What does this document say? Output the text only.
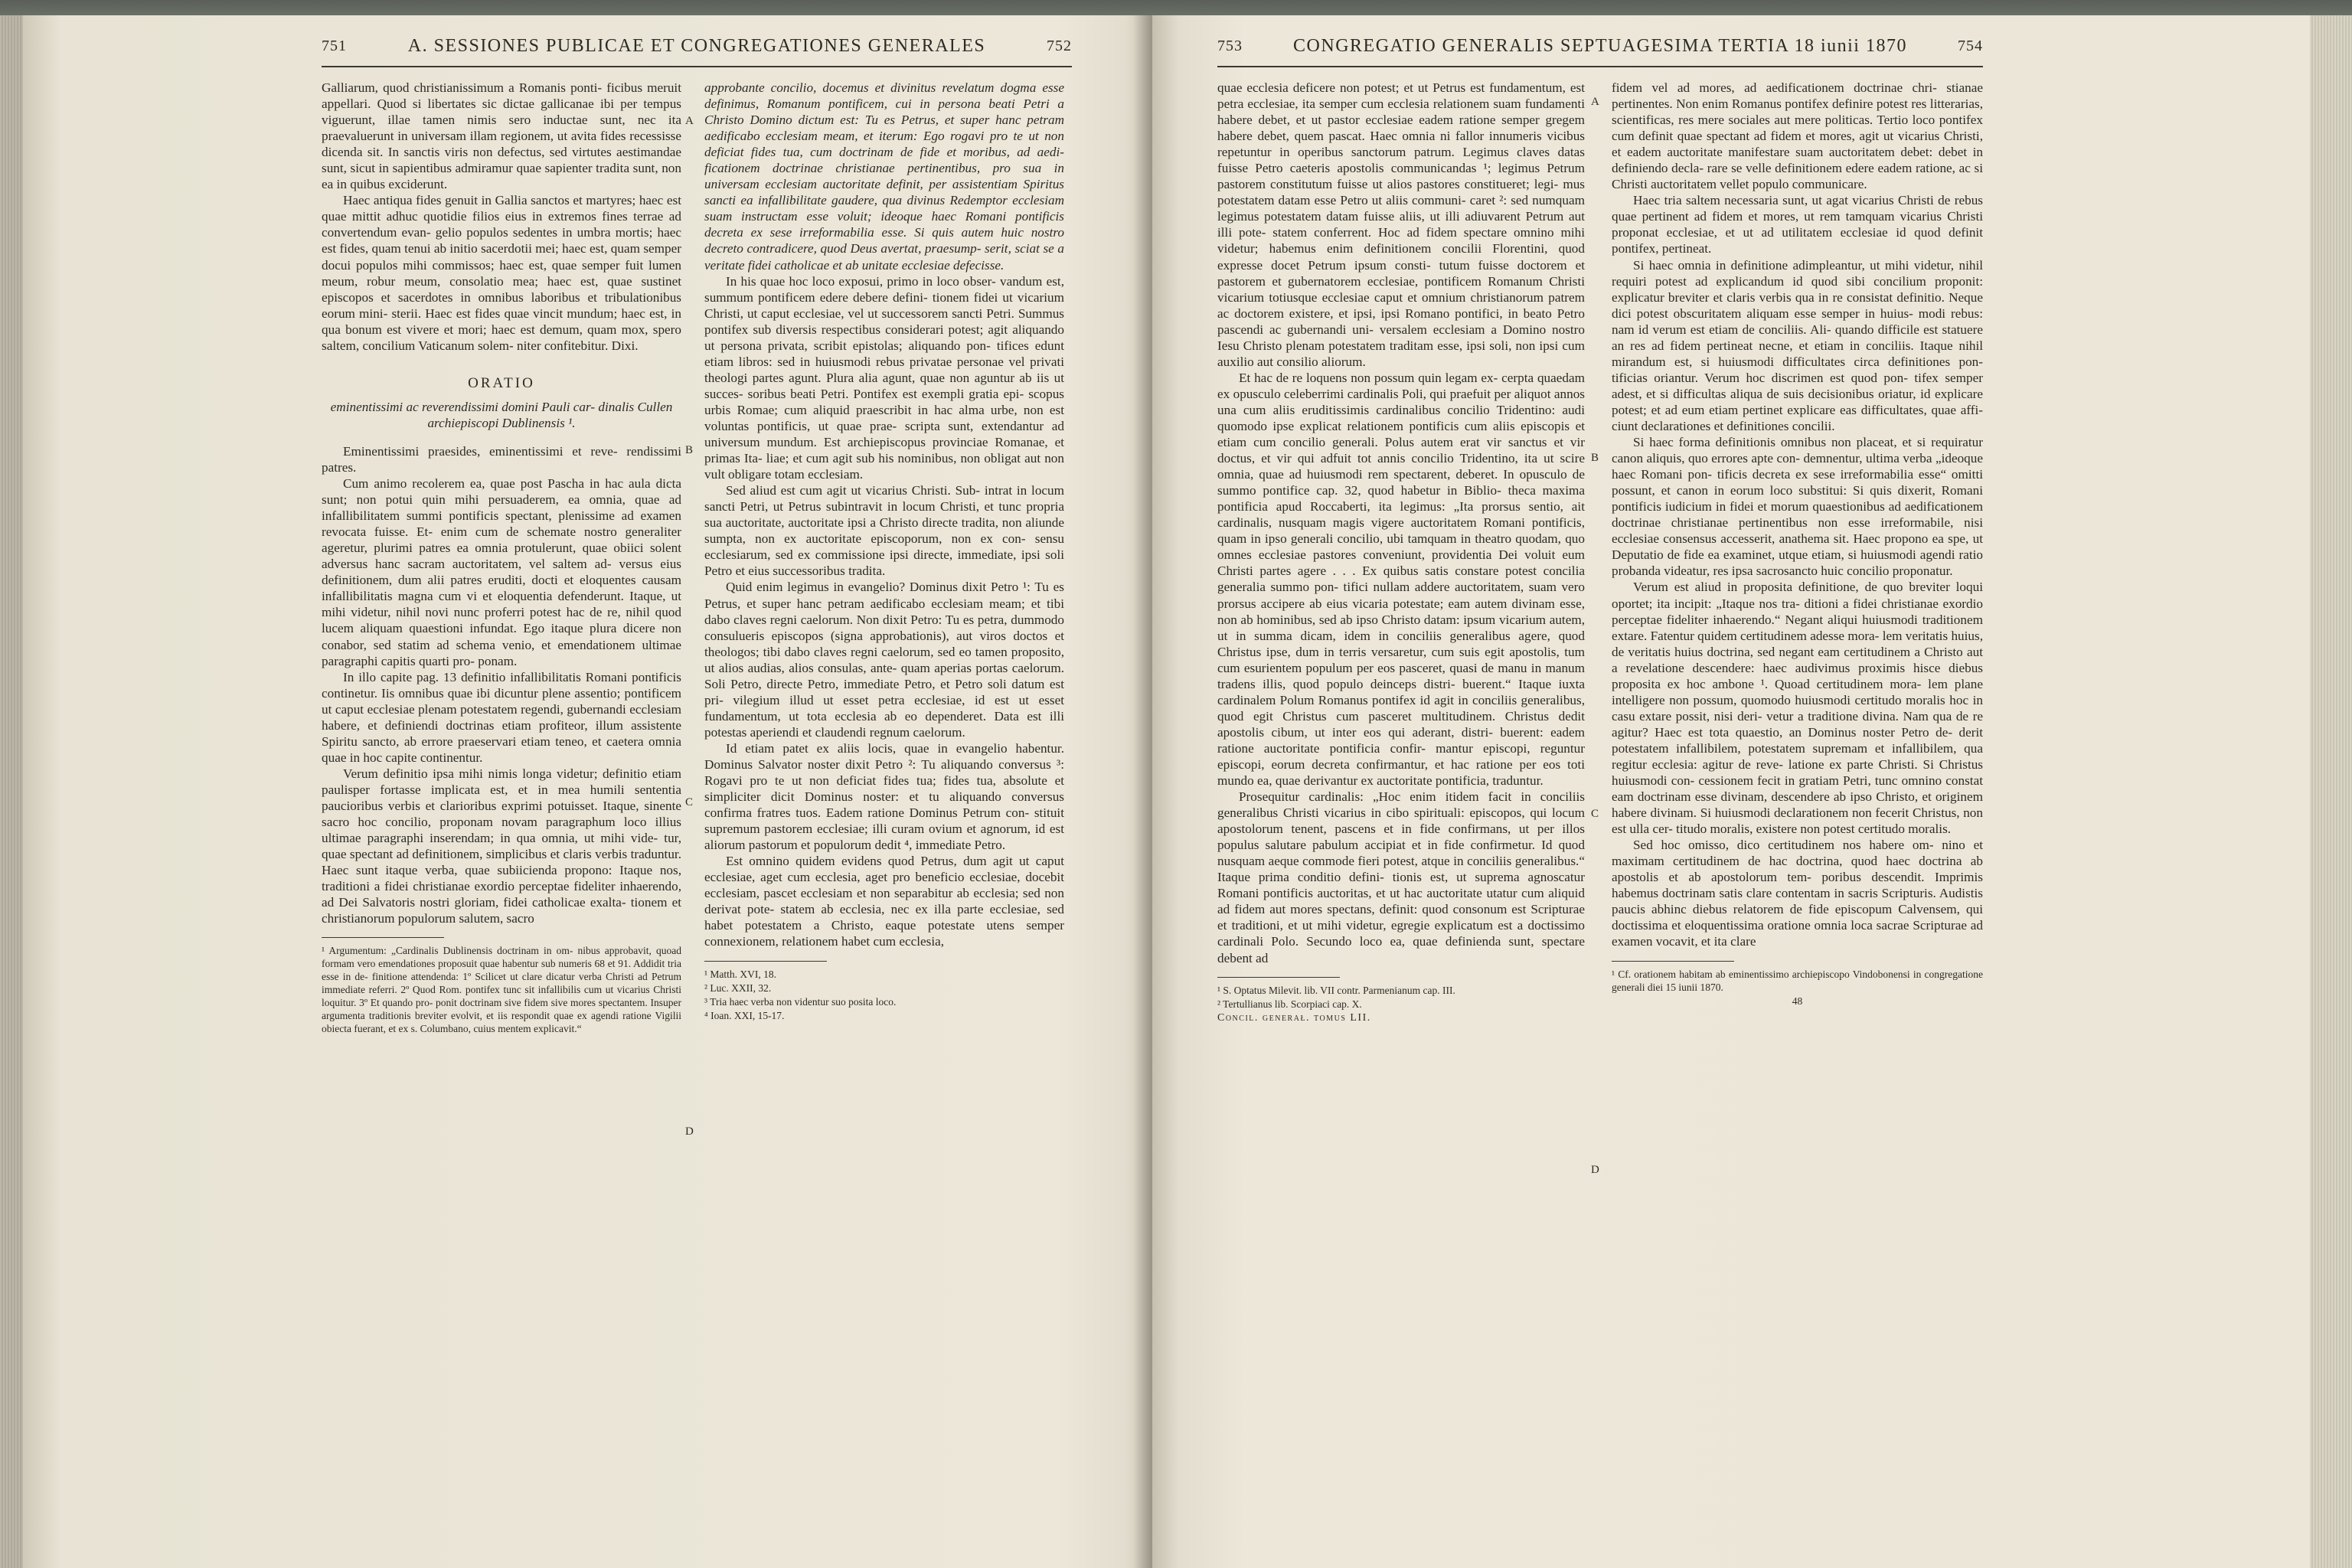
751	A. SESSIONES PUBLICAE ET CONGREGATIONES GENERALES	752

Galliarum, quod christianissimum a Romanis ponti- ficibus meruit appellari. Quod si libertates sic dictae gallicanae ibi per tempus viguerunt, illae tamen nimis sero inductae sunt, nec ita praevaluerunt in universam illam regionem, ut avita fides recessisse dicenda sit. In sanctis viris non defectus, sed virtutes aestimandae sunt, sicut in sapientibus admiramur quae sapienter tradita sunt, non ea in quibus exciderunt.

Haec antiqua fides genuit in Gallia sanctos et martyres; haec est quae mittit adhuc quotidie filios eius in extremos fines terrae ad convertendum evan- gelio populos sedentes in umbra mortis; haec est fides, quam tenui ab initio sacerdotii mei; haec est, quam semper docui populos mihi commissos; haec est, quae semper fuit lumen meum, robur meum, consolatio mea; haec est, quae sustinet episcopos et sacerdotes in omnibus laboribus et tribulationibus eorum mini- sterii. Haec est fides quae vincit mundum; haec est, in qua bonum est vivere et mori; haec est demum, quam mox, spero saltem, concilium Vaticanum solem- niter confitebitur. Dixi.

ORATIO

eminentissimi ac reverendissimi domini Pauli car- dinalis Cullen archiepiscopi Dublinensis ¹.

Eminentissimi praesides, eminentissimi et reve- rendissimi patres.

Cum animo recolerem ea, quae post Pascha in hac aula dicta sunt; non potui quin mihi persuaderem, ea omnia, quae ad infallibilitatem summi pontificis spectant, plenissime ad examen revocata fuisse. Et- enim cum de schemate nostro generaliter ageretur, plurimi patres ea omnia protulerunt, quae obiici solent adversus hanc sacram auctoritatem, vel saltem ad- versus eius definitionem, dum alii patres eruditi, docti et eloquentes causam infallibilitatis magna cum vi et eloquentia defenderunt. Itaque, ut mihi videtur, nihil novi nunc proferri potest hac de re, nihil quod lucem aliquam quaestioni infundat. Ego itaque plura dicere non conabor, sed statim ad schema venio, et emendationem ultimae paragraphi capitis quarti pro- ponam.

In illo capite pag. 13 definitio infallibilitatis Romani pontificis continetur. Iis omnibus quae ibi dicuntur plene assentio; pontificem ut caput ecclesiae plenam potestatem regendi, gubernandi ecclesiam habere, et definiendi doctrinas etiam profiteor, illum assistente Spiritu sancto, ab errore praeservari etiam teneo, et caetera omnia quae in hoc capite continentur.

Verum definitio ipsa mihi nimis longa videtur; definitio etiam paulisper fortasse implicata est, et in mea humili sententia paucioribus verbis et clarioribus exprimi potuisset. Itaque, sinente sacro hoc concilio, proponam novam paragraphum loco illius ultimae paragraphi inserendam; in qua omnia, ut mihi vide- tur, quae spectant ad definitionem, simplicibus et claris verbis traduntur. Haec sunt itaque verba, quae subiicienda propono: Itaque nos, traditioni a fidei christianae exordio perceptae fideliter inhaerendo, ad Dei Salvatoris nostri gloriam, fidei catholicae exalta- tionem et christianorum populorum salutem, sacro

¹ Argumentum: „Cardinalis Dublinensis doctrinam in om- nibus approbavit, quoad formam vero emendationes proposuit quae habentur sub numeris 68 et 91. Addidit tria esse in de- finitione attendenda: 1º Scilicet ut clare dicatur verba Christi ad Petrum immediate referri. 2º Quod Rom. pontifex tunc sit infallibilis cum ut vicarius Christi loquitur. 3º Et quando pro- ponit doctrinam sive fidem sive mores spectantem. Insuper argumenta traditionis breviter evolvit, et iis respondit quae ex agendi ratione Vigilii obiecta fuerant, et ex s. Columbano, cuius mentem explicavit.“

approbante concilio, docemus et divinitus revelatum dogma esse definimus, Romanum pontificem, cui in persona beati Petri a Christo Domino dictum est: Tu es Petrus, et super hanc petram aedificabo ecclesiam meam, et iterum: Ego rogavi pro te ut non deficiat fides tua, cum doctrinam de fide et moribus, ad aedi- ficationem doctrinae christianae pertinentibus, pro sua in universam ecclesiam auctoritate definit, per assistentiam Spiritus sancti ea infallibilitate gaudere, qua divinus Redemptor ecclesiam suam instructam esse voluit; ideoque haec Romani pontificis decreta ex sese irreformabilia esse. Si quis autem huic nostro decreto contradicere, quod Deus avertat, praesump- serit, sciat se a veritate fidei catholicae et ab unitate ecclesiae defecisse.

In his quae hoc loco exposui, primo in loco obser- vandum est, summum pontificem edere debere defini- tionem fidei ut vicarium Christi, ut caput ecclesiae, vel ut successorem sancti Petri. Summus pontifex sub diversis respectibus considerari potest; agit aliquando ut persona privata, scribit epistolas; aliquando pon- tifices edunt etiam libros: sed in huiusmodi rebus privatae personae vel privati theologi partes agunt. Plura alia agunt, quae non aguntur ab iis ut succes- soribus beati Petri. Pontifex est exempli gratia epi- scopus urbis Romae; cum aliquid praescribit in hac alma urbe, non est voluntas pontificis, ut quae prae- scripta sunt, extendantur ad universum mundum. Est archiepiscopus provinciae Romanae, et primas Ita- liae; et cum agit sub his nominibus, non obligat aut non vult obligare totam ecclesiam.

Sed aliud est cum agit ut vicarius Christi. Sub- intrat in locum sancti Petri, ut Petrus subintravit in locum Christi, et tunc propria sua auctoritate, auctoritate ipsi a Christo directe tradita, non aliunde sumpta, non ex auctoritate episcoporum, non ex con- sensu ecclesiarum, sed ex commissione ipsi directe, immediate, ipsi soli Petro et eius successoribus tradita.

Quid enim legimus in evangelio? Dominus dixit Petro ¹: Tu es Petrus, et super hanc petram aedificabo ecclesiam meam; et tibi dabo claves regni caelorum. Non dixit Petro: Tu es petra, dummodo consulueris episcopos (signa approbationis), aut viros doctos et theologos; tibi dabo claves regni caelorum, sed eo tamen proposito, ut alios audias, alios consulas, ante- quam aperias portas caelorum. Soli Petro, directe Petro, immediate Petro, et Petro soli datum est pri- vilegium illud ut esset petra ecclesiae, id est ut esset fundamentum, ut tota ecclesia ab eo dependeret. Data est illi potestas aperiendi et claudendi regnum caelorum.

Id etiam patet ex aliis locis, quae in evangelio habentur. Dominus Salvator noster dixit Petro ²: Tu aliquando conversus ³: Rogavi pro te ut non deficiat fides tua; fides tua, absolute et simpliciter dicit Dominus noster: et tu aliquando conversus confirma fratres tuos. Eadem ratione Dominus Petrum con- stituit supremum pastorem ecclesiae; illi curam ovium et agnorum, id est aliorum pastorum et populorum dedit ⁴, immediate Petro.

Est omnino quidem evidens quod Petrus, dum agit ut caput ecclesiae, aget cum ecclesia, aget pro beneficio ecclesiae, docebit ecclesiam, pascet ecclesiam et non separabitur ab ecclesia; sed non derivat pote- statem ab ecclesia, nec ex illa parte ecclesiae, sed habet potestatem a Christo, eaque potestate utens semper connexionem, relationem habet cum ecclesia,

¹ Matth. XVI, 18.

² Luc. XXII, 32.

³ Tria haec verba non videntur suo posita loco.

⁴ Ioan. XXI, 15-17.

A
B
C
D
753	CONGREGATIO GENERALIS SEPTUAGESIMA TERTIA 18 iunii 1870	754

quae ecclesia deficere non potest; et ut Petrus est fundamentum, est petra ecclesiae, ita semper cum ecclesia relationem suam fundamenti habere debet, et ut pastor ecclesiae eadem ratione semper gregem habere debet, quem pascat. Haec omnia ni fallor innumeris vicibus repetuntur in operibus sanctorum patrum. Legimus claves datas fuisse Petro caeteris apostolis communicandas ¹; legimus Petrum pastorem constitutum fuisse ut alios pastores constitueret; legi- mus potestatem datam esse Petro ut aliis communi- caret ²: sed numquam legimus potestatem datam fuisse aliis, ut illi adiuvarent Petrum aut illi pote- statem conferrent. Hoc ad fidem spectare omnino mihi videtur; habemus enim definitionem concilii Florentini, quod expresse docet Petrum ipsum consti- tutum fuisse doctorem et pastorem et gubernatorem ecclesiae, pontificem Romanum Christi vicarium totiusque ecclesiae caput et omnium christianorum patrem ac doctorem existere, et ipsi, ipsi Romano pontifici, in beato Petro pascendi ac gubernandi uni- versalem ecclesiam a Domino nostro Iesu Christo plenam potestatem traditam esse, ipsi soli, non ipsi cum auxilio aut consilio aliorum.

Et hac de re loquens non possum quin legam ex- cerpta quaedam ex opusculo celeberrimi cardinalis Poli, qui praefuit per aliquot annos una cum aliis eruditissimis cardinalibus concilio Tridentino: audi quomodo ipse explicat relationem pontificis cum aliis episcopis et etiam cum concilio generali. Polus autem erat vir sanctus et vir doctus, et vir qui adfuit tot annis concilio Tridentino, ita ut scire omnia, quae ad huiusmodi rem spectarent, deberet. In opusculo de summo pontifice cap. 32, quod habetur in Biblio- theca maxima pontificia apud Roccaberti, ita legimus: „Ita prorsus sentio, ait cardinalis, nusquam magis vigere auctoritatem Romani pontificis, quam in ipso generali concilio, ubi tamquam in theatro quodam, quo omnes ecclesiae pastores conveniunt, providentia Dei voluit eum Christi partes agere . . . Ex quibus satis constare potest concilia generalia summo pon- tifici nullam addere auctoritatem, suam vero prorsus accipere ab eius vicaria potestate; eam autem divinam esse, non ab hominibus, sed ab ipso Christo datam: ipsum vicarium autem, ut in summa dicam, idem in conciliis generalibus agere, quod Christus ipse, dum in terris versaretur, cum suis egit apostolis, tum cum esurientem populum per eos pasceret, quasi de manu in manum tradens illis, quod populo deinceps distri- buerent.“ Itaque iuxta cardinalem Polum Romanus pontifex id agit in conciliis generalibus, quod egit Christus cum pasceret multitudinem. Christus dedit apostolis cibum, ut inter eos qui aderant, distri- buerent: eadem ratione auctoritate pontificia confir- mantur episcopi, reguntur episcopi, eorum decreta confirmantur, et hac ratione per eos toti mundo ea, quae derivantur ex auctoritate pontificia, traduntur.

Prosequitur cardinalis: „Hoc enim itidem facit in conciliis generalibus Christi vicarius in cibo spirituali: episcopos, qui locum apostolorum tenent, pascens et in fide confirmans, ut per illos populus salutare pabulum accipiat et in fide confirmetur. Id quod nusquam aeque commode fieri potest, atque in conciliis generalibus.“ Itaque prima conditio defini- tionis est, ut suprema agnoscatur Romani pontificis auctoritas, et ut hac auctoritate utatur cum aliquid ad fidem aut mores spectans, definit: quod consonum est Scripturae et traditioni, et ut mihi videtur, egregie explicatum est a doctissimo cardinali Polo. Secundo loco ea, quae definienda sunt, spectare debent ad

¹ S. Optatus Milevit. lib. VII contr. Parmenianum cap. III.

² Tertullianus lib. Scorpiaci cap. X.

Concil. generał. tomus LII.

fidem vel ad mores, ad aedificationem doctrinae chri- stianae pertinentes. Non enim Romanus pontifex definire potest res litterarias, scientificas, res mere sociales aut mere politicas. Tertio loco pontifex cum definit quae spectant ad fidem et mores, agit ut vicarius Christi, et eadem auctoritate manifestare suam auctoritatem debet: debet in definiendo decla- rare se velle definitionem edere eadem ratione, ac si Christi auctoritatem vellet populo communicare.

Haec tria saltem necessaria sunt, ut agat vicarius Christi de rebus quae pertinent ad fidem et mores, ut rem tamquam vicarius Christi proponat ecclesiae, et ut ad utilitatem ecclesiae id quod definit pontifex, pertineat.

Si haec omnia in definitione adimpleantur, ut mihi videtur, nihil requiri potest ad explicandum id quod sibi concilium proponit: explicatur breviter et claris verbis qua in re consistat definitio. Neque dici potest obscuritatem aliquam esse semper in huius- modi rebus: nam id verum est etiam de conciliis. Ali- quando difficile est statuere an res ad fidem pertineat necne, et etiam in conciliis. Itaque nihil mirandum est, si huiusmodi difficultates circa definitiones pon- tificias oriantur. Verum hoc discrimen est quod pon- tifex semper adest, et si difficultas aliqua de suis decisionibus oriatur, id explicare potest; et ad eum etiam pertinet explicare eas difficultates, quae affi- ciunt declarationes et definitiones concilii.

Si haec forma definitionis omnibus non placeat, et si requiratur canon aliquis, quo errores apte con- demnentur, ultima verba „ideoque haec Romani pon- tificis decreta ex sese irreformabilia esse“ omitti possunt, et canon in eorum loco substitui: Si quis dixerit, Romani pontificis iudicium in fidei et morum quaestionibus ad aedificationem doctrinae christianae pertinentibus non esse irreformabile, nisi ecclesiae consensus accesserit, anathema sit. Haec propono ea spe, ut Deputatio de fide ea examinet, utque etiam, si huiusmodi agendi ratio probanda videatur, res ipsa sacrosancto huic concilio proponatur.

Verum est aliud in proposita definitione, de quo breviter loqui oportet; ita incipit: „Itaque nos tra- ditioni a fidei christianae exordio perceptae fideliter inhaerendo.“ Negant aliqui huiusmodi traditionem extare. Fatentur quidem certitudinem adesse mora- lem veritatis huius, de veritatis huius doctrina, sed negant eam certitudinem a Christo aut a revelatione descendere: haec audivimus proximis hisce diebus proposita ex hoc ambone ¹. Quoad certitudinem mora- lem plane intelligere non possum, quomodo huiusmodi certitudo moralis hoc in casu extare possit, nisi deri- vetur a traditione divina. Nam qua de re agitur? Haec est tota quaestio, an Dominus noster Petro de- derit potestatem infallibilem, potestatem supremam et infallibilem, qua regitur ecclesia: agitur de reve- latione ex parte Christi. Si Christus huiusmodi con- cessionem fecit in gratiam Petri, tunc omnino constat eam doctrinam esse divinam, descendere ab ipso Christo, et originem habere divinam. Si huiusmodi declarationem non fecerit Christus, non est ulla cer- titudo moralis, existere non potest certitudo moralis.

Sed hoc omisso, dico certitudinem nos habere om- nino et maximam certitudinem de hac doctrina, quod haec doctrina ab apostolis et ab apostolorum tem- poribus descendit. Imprimis habemus doctrinam satis clare contentam in sacris Scripturis. Audistis paucis abhinc diebus relatorem de fide episcopum Calvensem, qui doctissima et eloquentissima oratione omnia loca sacrae Scripturae ad examen vocavit, et ita clare

¹ Cf. orationem habitam ab eminentissimo archiepiscopo Vindobonensi in congregatione generali diei 15 iunii 1870.

48

A
B
C
D
